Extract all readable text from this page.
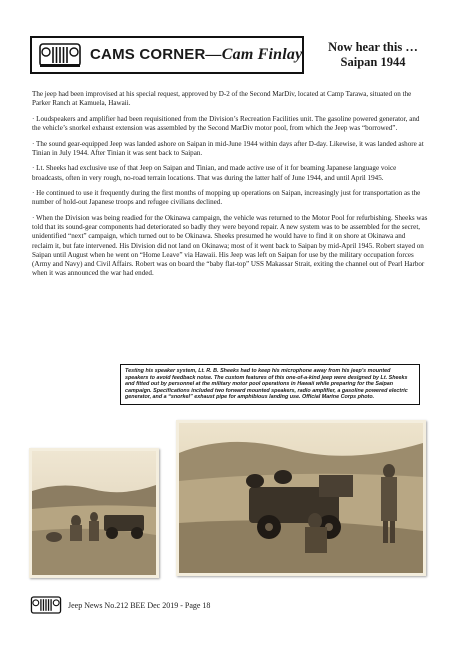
CAMS CORNER—Cam Finlay	Now hear this …
Saipan 1944

The jeep had been improvised at his special request, approved by D-2 of the Second MarDiv, located at Camp Tarawa, situated on the Parker Ranch at Kamuela, Hawaii.

· Loudspeakers and amplifier had been requisitioned from the Division’s Recreation Facilities unit. The gasoline powered generator, and the vehicle’s snorkel exhaust extension was assembled by the Second MarDiv motor pool, from which the Jeep was “borrowed”.

· The sound gear-equipped Jeep was landed ashore on Saipan in mid-June 1944 within days after D-day. Likewise, it was landed ashore at Tinian in July 1944. After Tinian it was sent back to Saipan.

· Lt. Sheeks had exclusive use of that Jeep on Saipan and Tinian, and made active use of it for beaming Japanese language voice broadcasts, often in very rough, no-road terrain locations. That was during the latter half of June 1944, and until April 1945.

· He continued to use it frequently during the first months of mopping up operations on Saipan, increasingly just for transportation as the number of hold-out Japanese troops and refugee civilians declined.

· When the Division was being readied for the Okinawa campaign, the vehicle was returned to the Motor Pool for refurbishing. Sheeks was told that its sound-gear components had deteriorated so badly they were beyond repair. A new system was to be assembled for the secret, unidentified “next” campaign, which turned out to be Okinawa. Sheeks presumed he would have to find it on shore at Okinawa and reclaim it, but fate intervened. His Division did not land on Okinawa; most of it went back to Saipan by mid-April 1945. Robert stayed on Saipan until August when he went on “Home Leave” via Hawaii. His Jeep was left on Saipan for use by the military occupation forces (Army and Navy) and Civil Affairs. Robert was on board the “baby flat-top” USS Makassar Strait, exiting the channel out of Pearl Harbor when it was announced the war had ended.

Testing his speaker system, Lt. R. B. Sheeks had to keep his microphone away from his jeep’s mounted speakers to avoid feedback noise. The custom features of this one-of-a-kind jeep were designed by Lt. Sheeks and fitted out by personnel at the military motor pool operations in Hawaii while preparing for the Saipan campaign. Specifications included two forward mounted speakers, radio amplifier, a gasoline powered electric generator, and a “snorkel” exhaust pipe for amphibious landing use. Official Marine Corps photo.
Jeep News No.212 BEE Dec 2019 - Page 18
